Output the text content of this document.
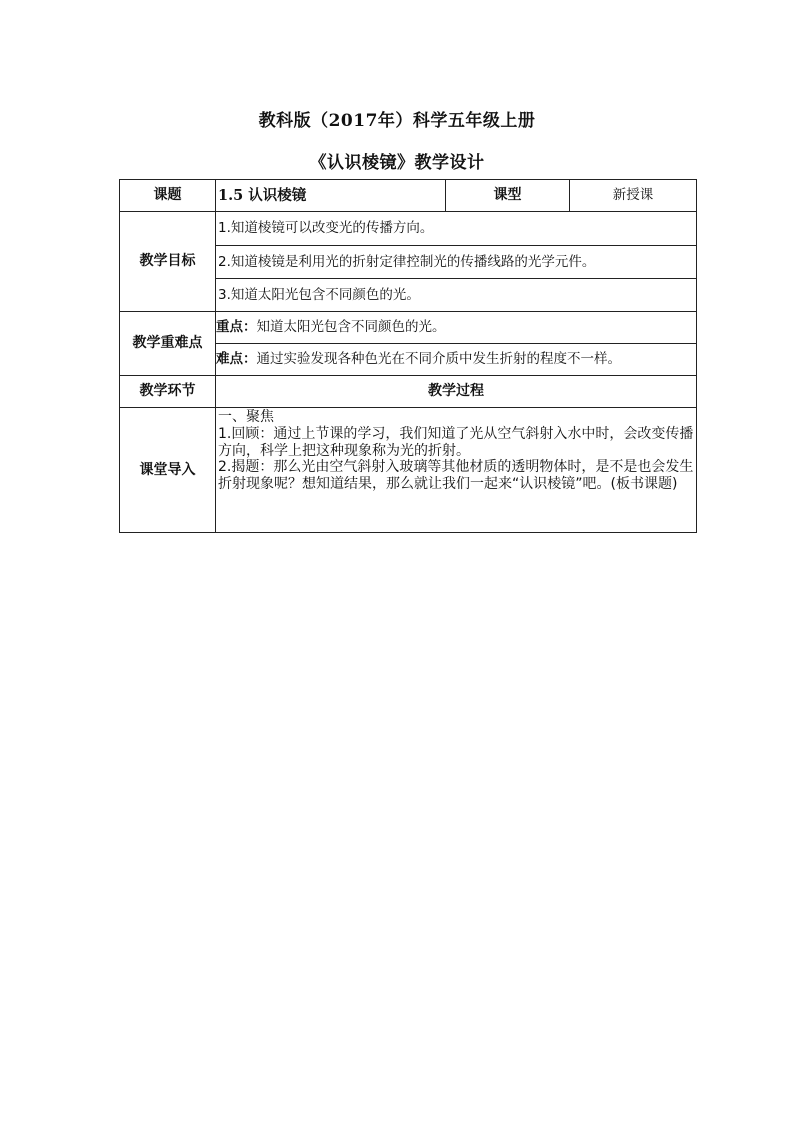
教科版（2017年）科学五年级上册
《认识棱镜》教学设计
课题	1.5 认识棱镜	课型	新授课
教学目标	1.知道棱镜可以改变光的传播方向。		
	2.知道棱镜是利用光的折射定律控制光的传播线路的光学元件。		
	3.知道太阳光包含不同颜色的光。		
教学重难点	重点：知道太阳光包含不同颜色的光。		
	难点：通过实验发现各种色光在不同介质中发生折射的程度不一样。		
教学环节	教学过程		
课堂导入	一、聚焦
1.回顾：通过上节课的学习，我们知道了光从空气斜射入水中时，会改变传播方向，科学上把这种现象称为光的折射。
2.揭题：那么光由空气斜射入玻璃等其他材质的透明物体时，是不是也会发生折射现象呢？想知道结果，那么就让我们一起来“认识棱镜”吧。(板书课题)		
